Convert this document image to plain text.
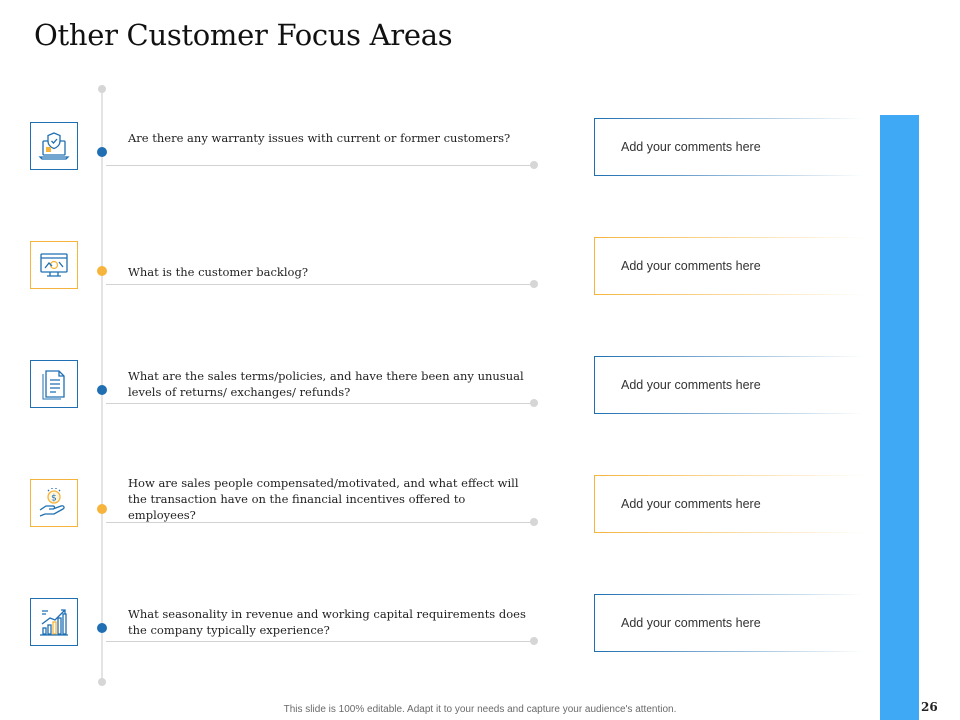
Other Customer Focus Areas
Are there any warranty issues with current or former customers?
Add your comments here
What is the customer backlog?	Add your comments here
What are the sales terms/policies, and have there been any unusual levels of returns/ exchanges/ refunds?	Add your comments here
$
How are sales people compensated/motivated, and what effect will the transaction have on the financial incentives offered to employees?
Add your comments here
What seasonality in revenue and working capital requirements does the company typically experience?	Add your comments here
26
This slide is 100% editable. Adapt it to your needs and capture your audience's attention.
